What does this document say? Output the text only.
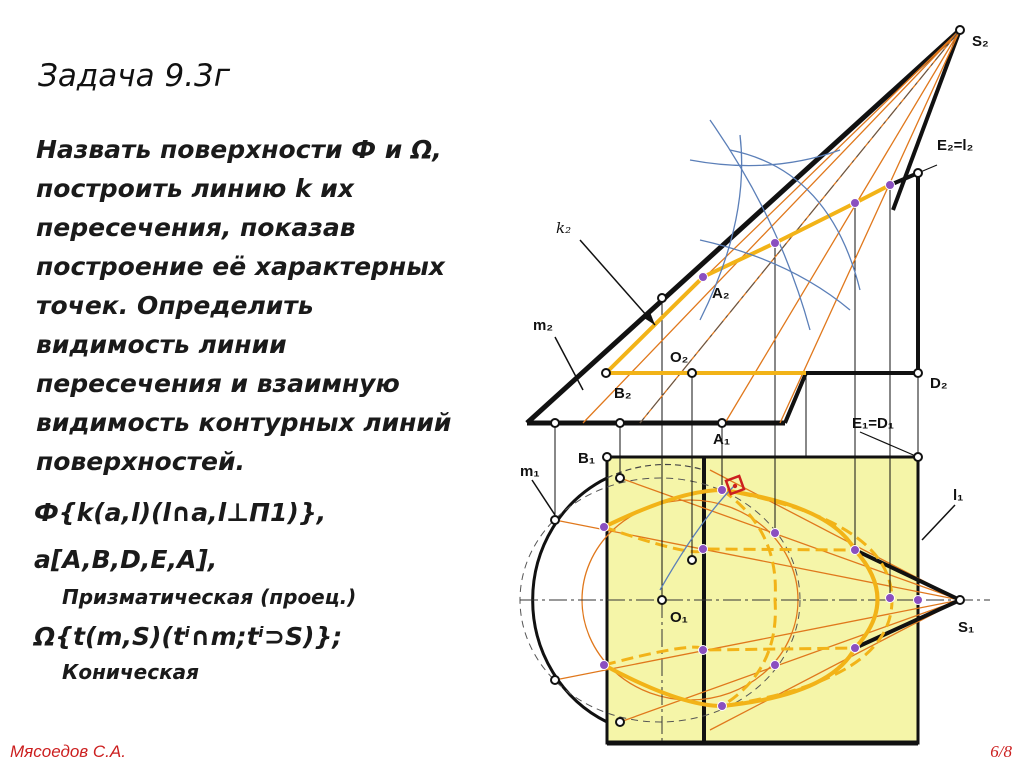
Задача 9.3г

Назвать поверхности Ф и Ω, построить линию k их пересечения, показав построение её характерных точек. Определить видимость линии пересечения и взаимную видимость контурных линий поверхностей.

Ф{k(a,l)(l∩a,l⊥Π1)},
a[A,B,D,E,A],
Призматическая (проец.)
Ω{t(m,S)(tⁱ∩m;tⁱ⊃S)};
Коническая
Мясоедов С.А.	6/8
S₂
E₂=l₂
k₂
A₂
m₂
O₂
B₂
D₂
A₁
E₁=D₁
B₁
m₁
l₁
O₁
S₁
